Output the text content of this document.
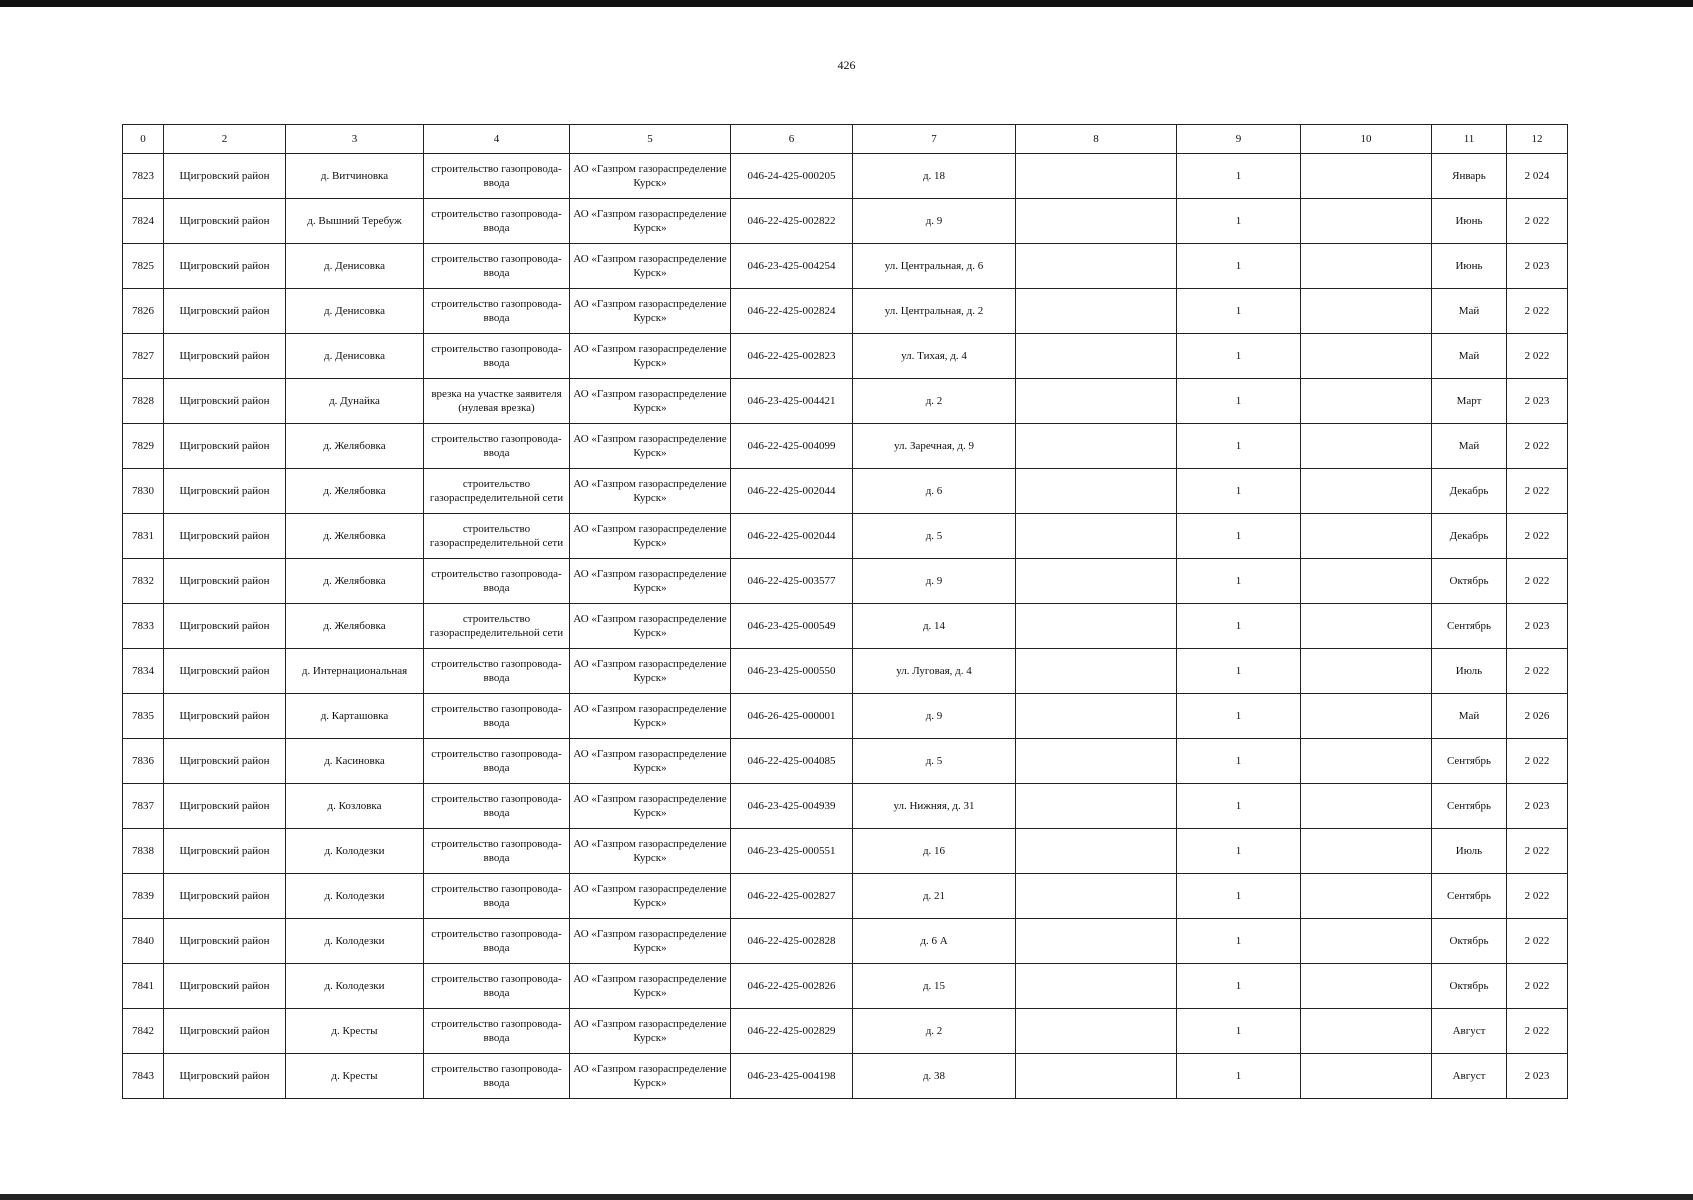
426
0	2	3	4	5	6	7	8	9	10	11	12
7823	Щигровский район	д. Витчиновка	строительство газопровода-ввода	АО «Газпром газораспределение Курск»	046-24-425-000205	д. 18		1		Январь	2 024
7824	Щигровский район	д. Вышний Теребуж	строительство газопровода-ввода	АО «Газпром газораспределение Курск»	046-22-425-002822	д. 9		1		Июнь	2 022
7825	Щигровский район	д. Денисовка	строительство газопровода-ввода	АО «Газпром газораспределение Курск»	046-23-425-004254	ул. Центральная, д. 6		1		Июнь	2 023
7826	Щигровский район	д. Денисовка	строительство газопровода-ввода	АО «Газпром газораспределение Курск»	046-22-425-002824	ул. Центральная, д. 2		1		Май	2 022
7827	Щигровский район	д. Денисовка	строительство газопровода-ввода	АО «Газпром газораспределение Курск»	046-22-425-002823	ул. Тихая, д. 4		1		Май	2 022
7828	Щигровский район	д. Дунайка	врезка на участке заявителя (нулевая врезка)	АО «Газпром газораспределение Курск»	046-23-425-004421	д. 2		1		Март	2 023
7829	Щигровский район	д. Желябовка	строительство газопровода-ввода	АО «Газпром газораспределение Курск»	046-22-425-004099	ул. Заречная, д. 9		1		Май	2 022
7830	Щигровский район	д. Желябовка	строительство газораспределительной сети	АО «Газпром газораспределение Курск»	046-22-425-002044	д. 6		1		Декабрь	2 022
7831	Щигровский район	д. Желябовка	строительство газораспределительной сети	АО «Газпром газораспределение Курск»	046-22-425-002044	д. 5		1		Декабрь	2 022
7832	Щигровский район	д. Желябовка	строительство газопровода-ввода	АО «Газпром газораспределение Курск»	046-22-425-003577	д. 9		1		Октябрь	2 022
7833	Щигровский район	д. Желябовка	строительство газораспределительной сети	АО «Газпром газораспределение Курск»	046-23-425-000549	д. 14		1		Сентябрь	2 023
7834	Щигровский район	д. Интернациональная	строительство газопровода-ввода	АО «Газпром газораспределение Курск»	046-23-425-000550	ул. Луговая, д. 4		1		Июль	2 022
7835	Щигровский район	д. Карташовка	строительство газопровода-ввода	АО «Газпром газораспределение Курск»	046-26-425-000001	д. 9		1		Май	2 026
7836	Щигровский район	д. Касиновка	строительство газопровода-ввода	АО «Газпром газораспределение Курск»	046-22-425-004085	д. 5		1		Сентябрь	2 022
7837	Щигровский район	д. Козловка	строительство газопровода-ввода	АО «Газпром газораспределение Курск»	046-23-425-004939	ул. Нижняя, д. 31		1		Сентябрь	2 023
7838	Щигровский район	д. Колодезки	строительство газопровода-ввода	АО «Газпром газораспределение Курск»	046-23-425-000551	д. 16		1		Июль	2 022
7839	Щигровский район	д. Колодезки	строительство газопровода-ввода	АО «Газпром газораспределение Курск»	046-22-425-002827	д. 21		1		Сентябрь	2 022
7840	Щигровский район	д. Колодезки	строительство газопровода-ввода	АО «Газпром газораспределение Курск»	046-22-425-002828	д. 6 А		1		Октябрь	2 022
7841	Щигровский район	д. Колодезки	строительство газопровода-ввода	АО «Газпром газораспределение Курск»	046-22-425-002826	д. 15		1		Октябрь	2 022
7842	Щигровский район	д. Кресты	строительство газопровода-ввода	АО «Газпром газораспределение Курск»	046-22-425-002829	д. 2		1		Август	2 022
7843	Щигровский район	д. Кресты	строительство газопровода-ввода	АО «Газпром газораспределение Курск»	046-23-425-004198	д. 38		1		Август	2 023
